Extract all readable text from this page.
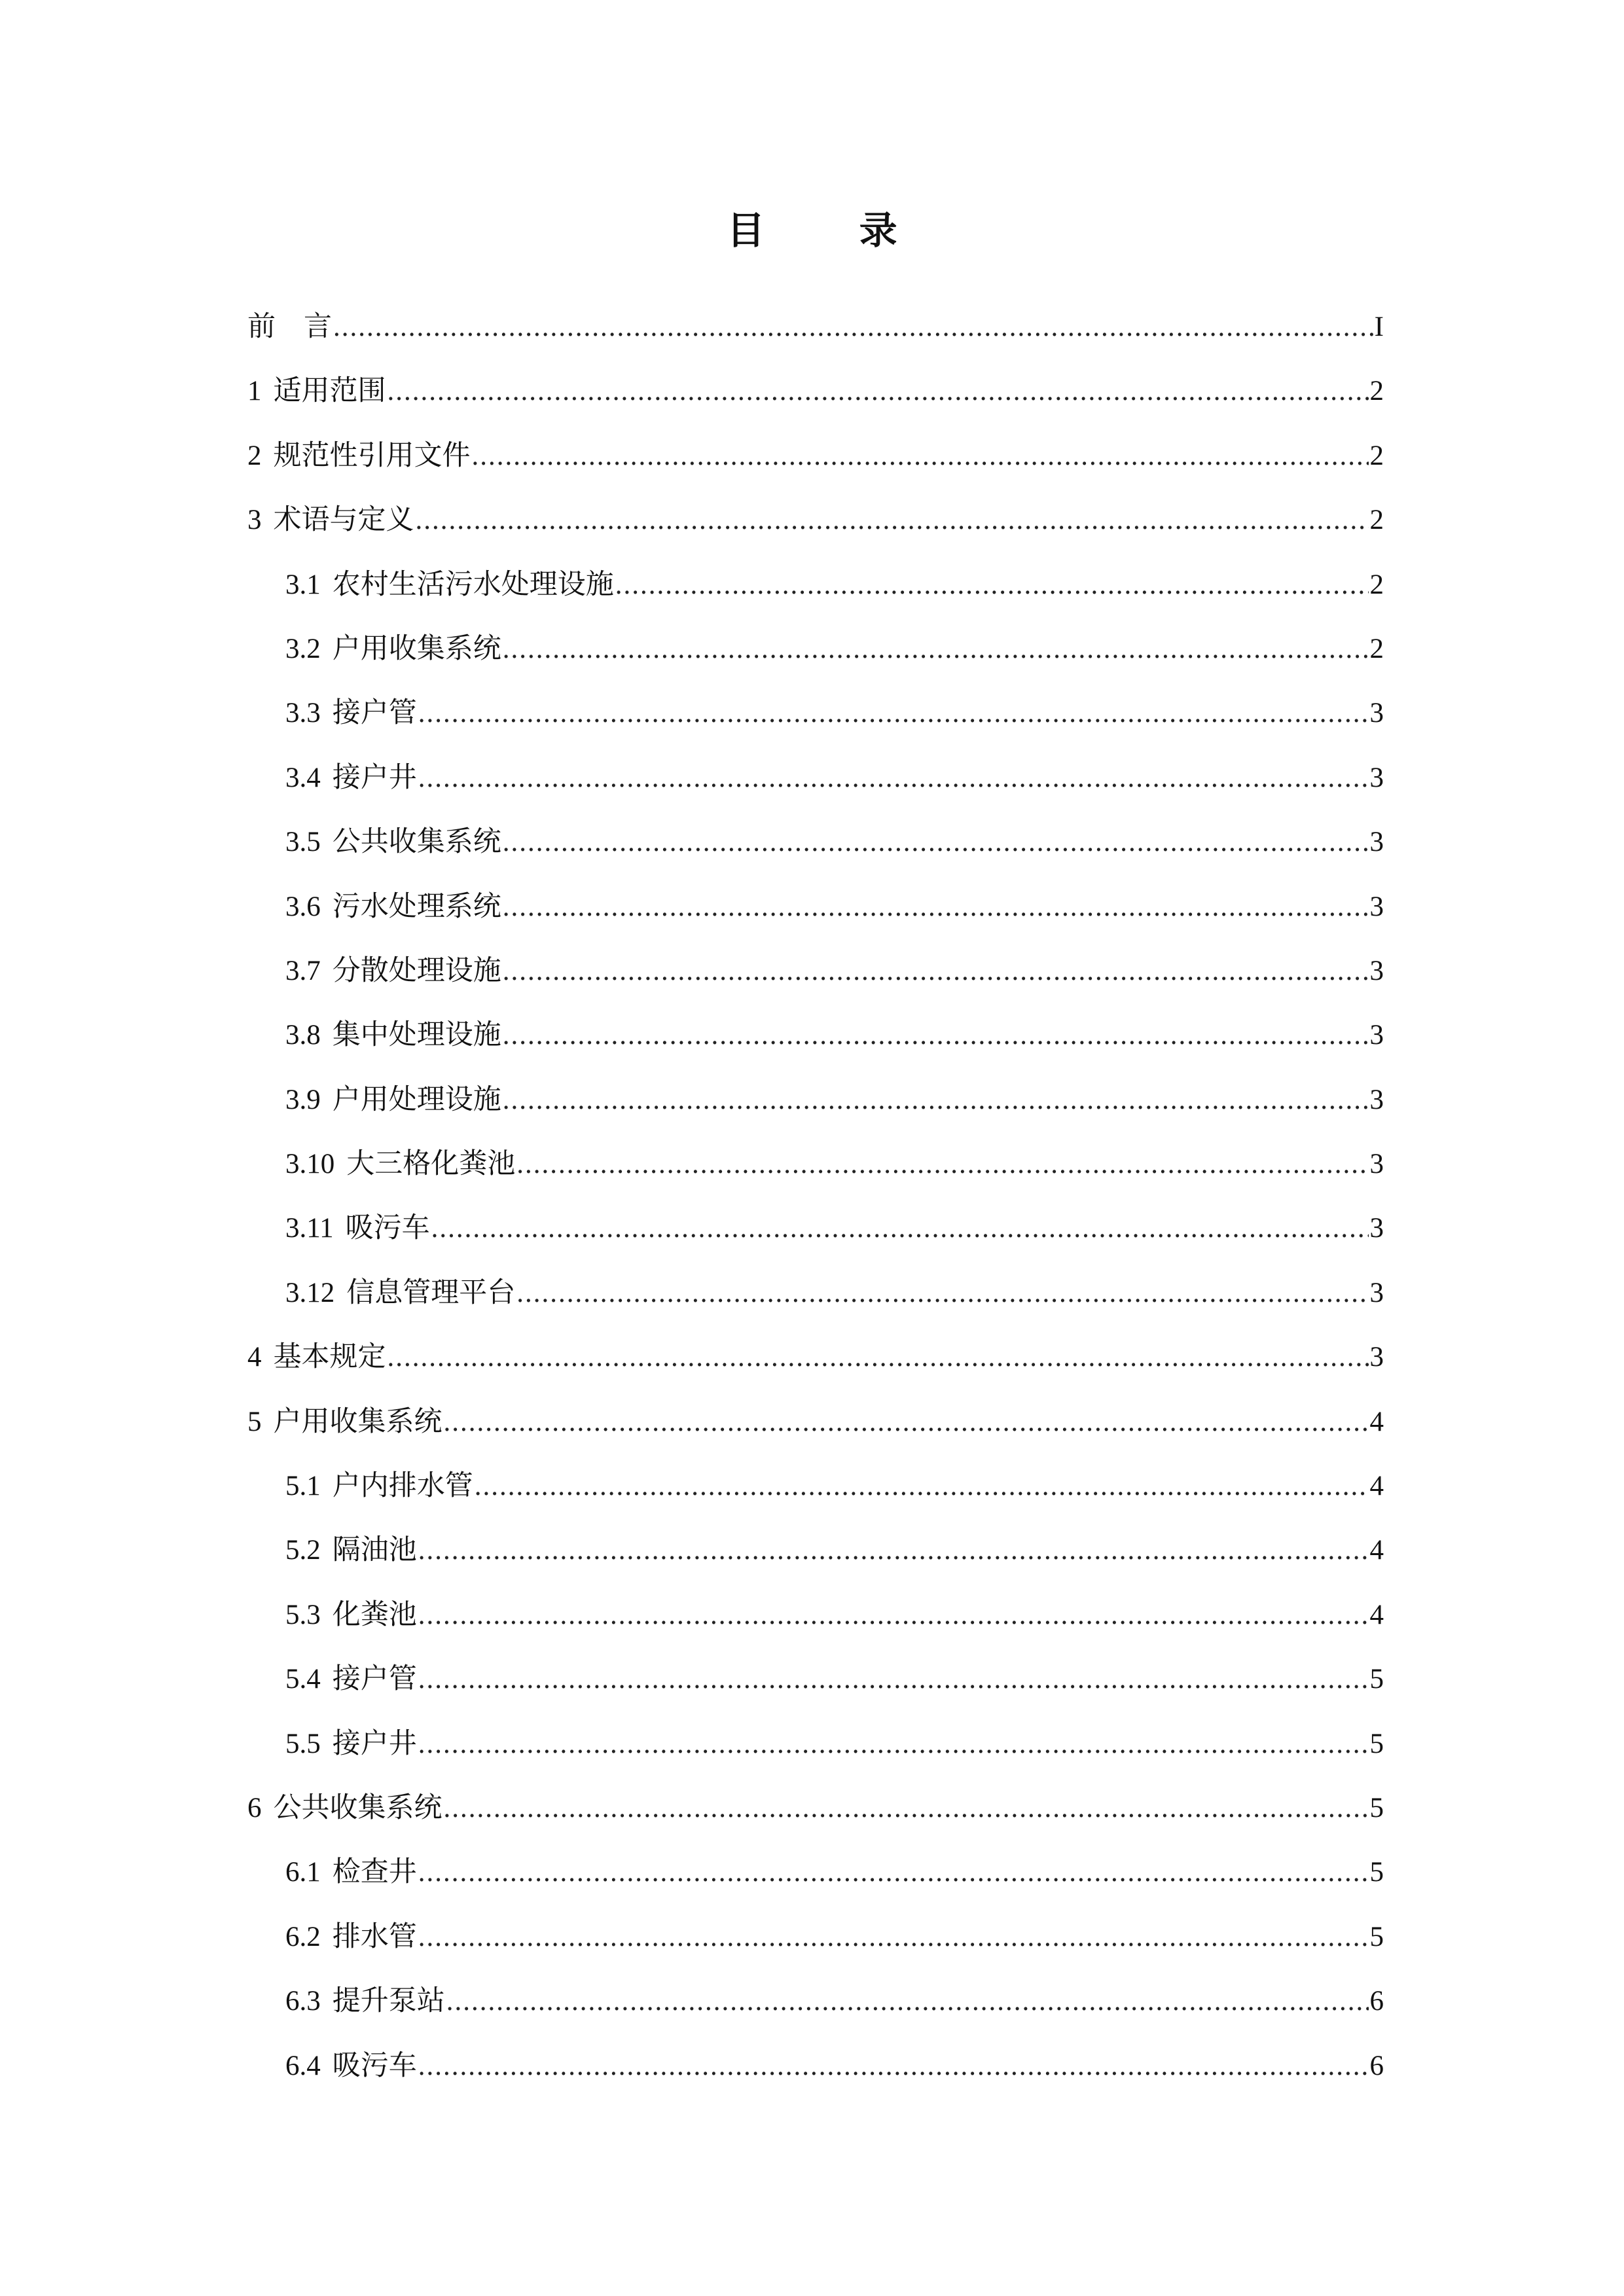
目 录
前　言 .....	I
1 适用范围 .....	2
2 规范性引用文件 .....	2
3 术语与定义 .....	2
3.1 农村生活污水处理设施 .....	2
3.2 户用收集系统 .....	2
3.3 接户管 .....	3
3.4 接户井 .....	3
3.5 公共收集系统 .....	3
3.6 污水处理系统 .....	3
3.7 分散处理设施 .....	3
3.8 集中处理设施 .....	3
3.9 户用处理设施 .....	3
3.10 大三格化粪池 .....	3
3.11 吸污车 .....	3
3.12 信息管理平台 .....	3
4 基本规定 .....	3
5 户用收集系统 .....	4
5.1 户内排水管 .....	4
5.2 隔油池 .....	4
5.3 化粪池 .....	4
5.4 接户管 .....	5
5.5 接户井 .....	5
6 公共收集系统 .....	5
6.1 检查井 .....	5
6.2 排水管 .....	5
6.3 提升泵站 .....	6
6.4 吸污车 .....	6
